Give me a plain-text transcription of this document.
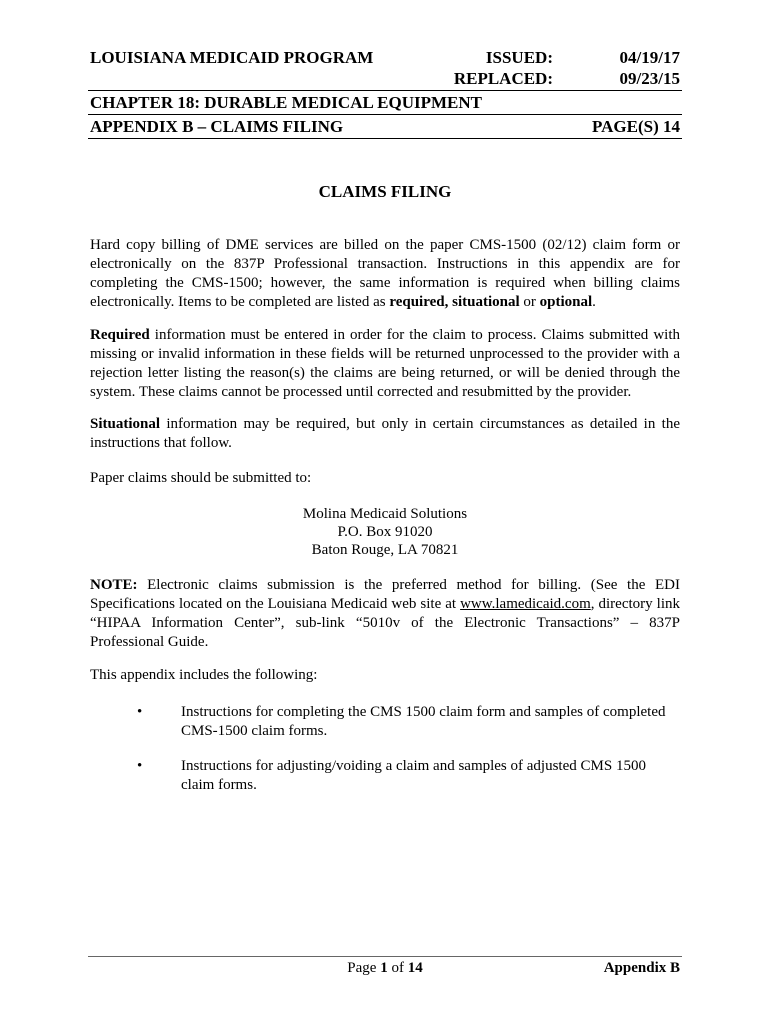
LOUISIANA MEDICAID PROGRAM	ISSUED:	04/19/17
REPLACED:	09/23/15
CHAPTER 18: DURABLE MEDICAL EQUIPMENT
APPENDIX B – CLAIMS FILING	PAGE(S) 14
CLAIMS FILING
Hard copy billing of DME services are billed on the paper CMS-1500 (02/12) claim form or electronically on the 837P Professional transaction. Instructions in this appendix are for completing the CMS-1500; however, the same information is required when billing claims electronically. Items to be completed are listed as required, situational or optional.
Required information must be entered in order for the claim to process. Claims submitted with missing or invalid information in these fields will be returned unprocessed to the provider with a rejection letter listing the reason(s) the claims are being returned, or will be denied through the system. These claims cannot be processed until corrected and resubmitted by the provider.
Situational information may be required, but only in certain circumstances as detailed in the instructions that follow.
Paper claims should be submitted to:
Molina Medicaid Solutions
P.O. Box 91020
Baton Rouge, LA 70821
NOTE: Electronic claims submission is the preferred method for billing. (See the EDI Specifications located on the Louisiana Medicaid web site at www.lamedicaid.com, directory link “HIPAA Information Center”, sub-link “5010v of the Electronic Transactions” – 837P Professional Guide.
This appendix includes the following:
•	Instructions for completing the CMS 1500 claim form and samples of completed CMS-1500 claim forms.
•	Instructions for adjusting/voiding a claim and samples of adjusted CMS 1500 claim forms.
Page 1 of 14	Appendix B
